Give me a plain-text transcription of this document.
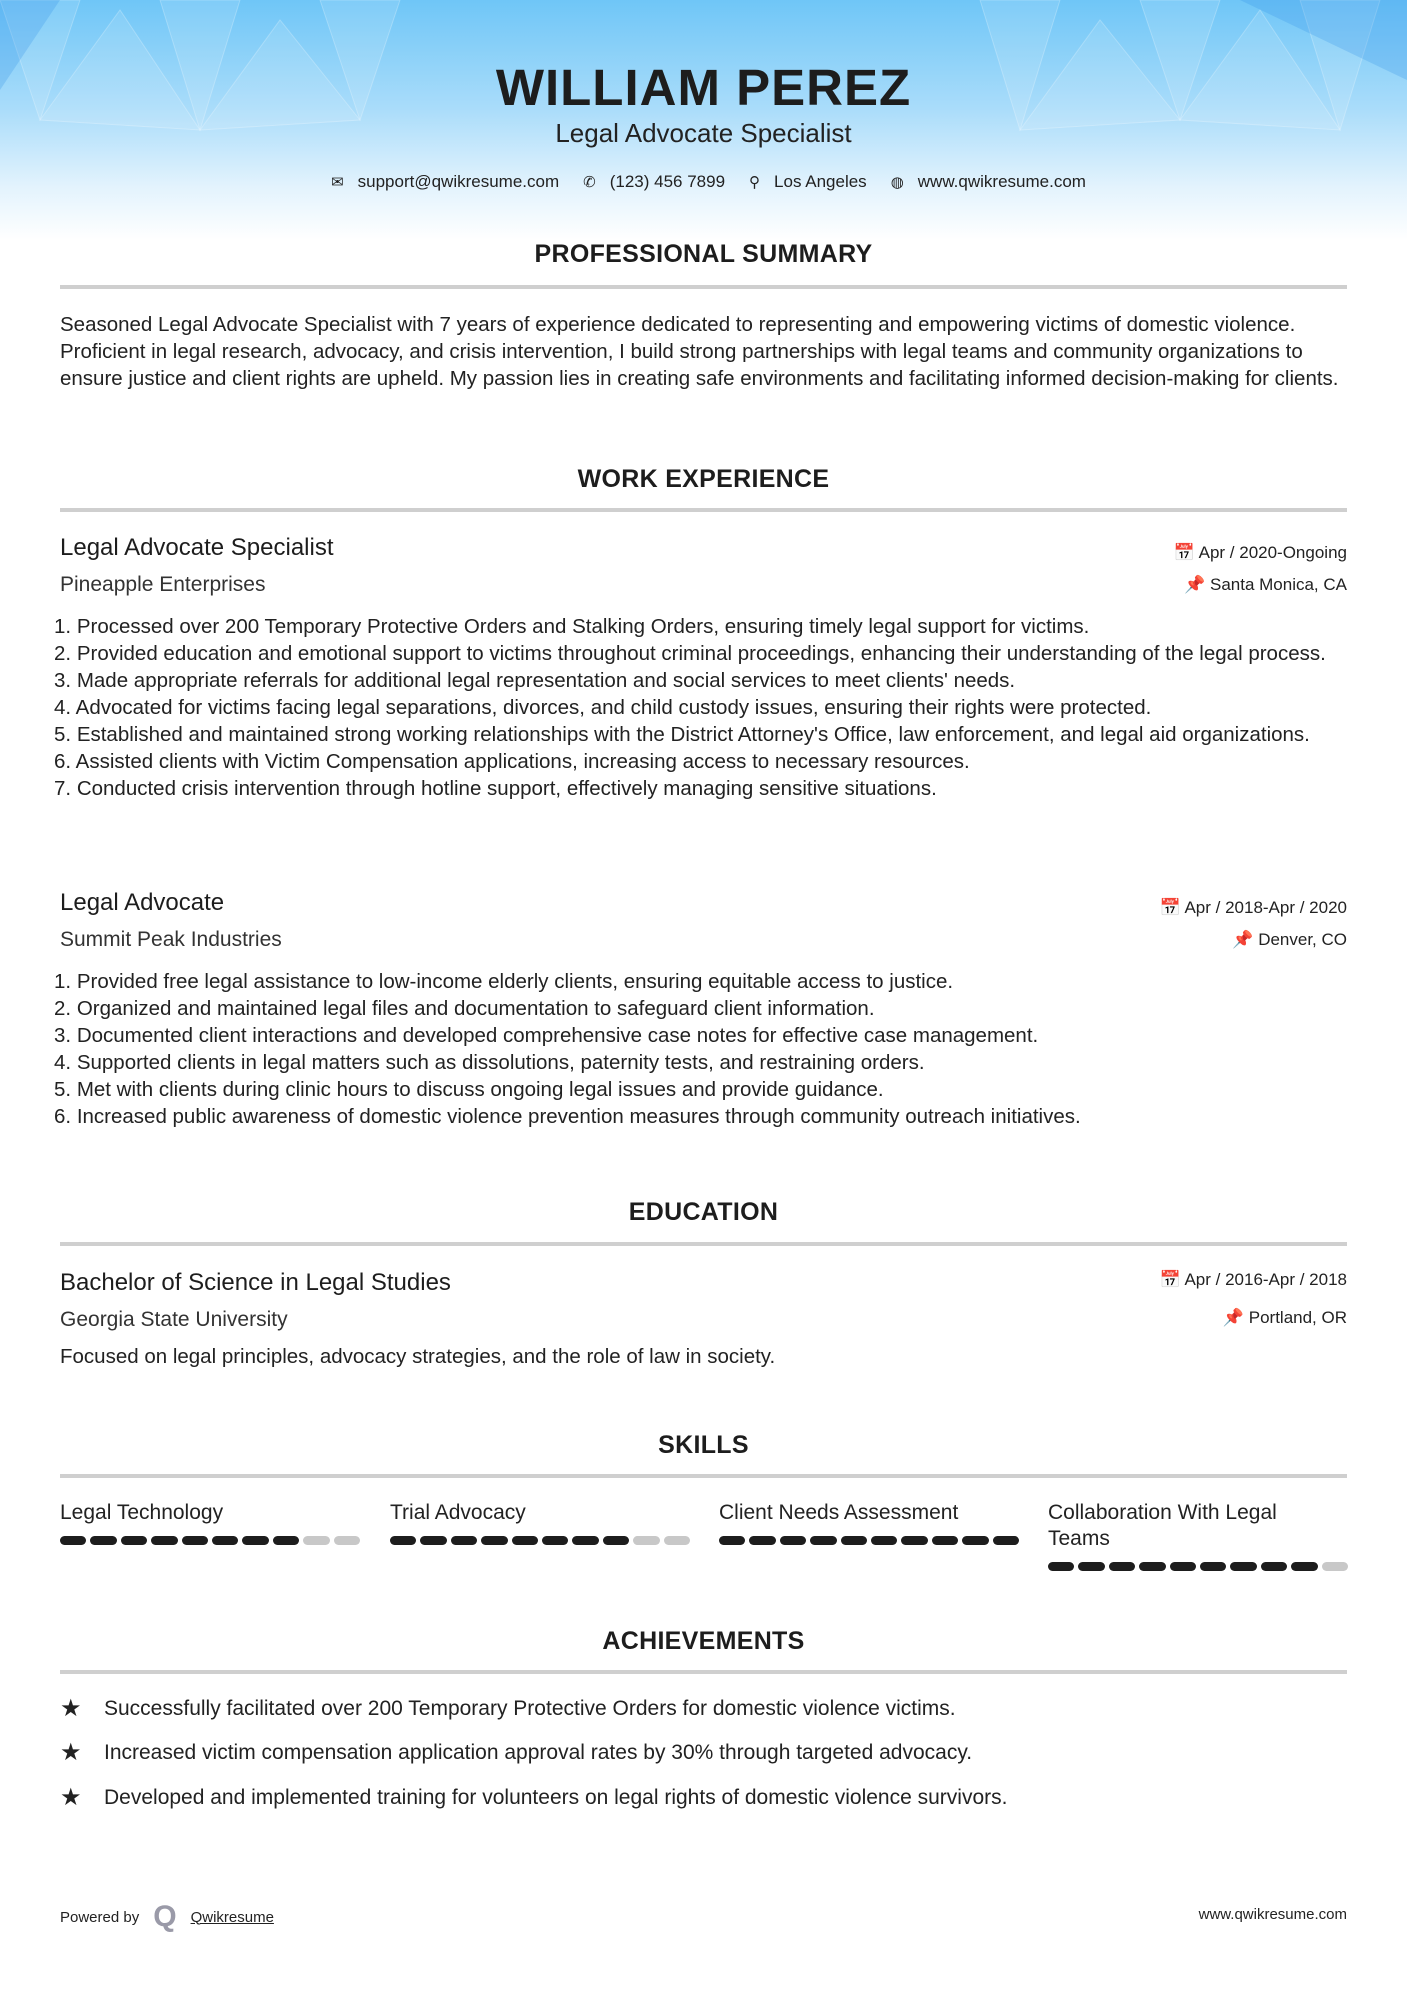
WILLIAM PEREZ
Legal Advocate Specialist
✉ support@qwikresume.com ✆ (123) 456 7899 ⚲ Los Angeles ◍ www.qwikresume.com
PROFESSIONAL SUMMARY
Seasoned Legal Advocate Specialist with 7 years of experience dedicated to representing and empowering victims of domestic violence. Proficient in legal research, advocacy, and crisis intervention, I build strong partnerships with legal teams and community organizations to ensure justice and client rights are upheld. My passion lies in creating safe environments and facilitating informed decision-making for clients.
WORK EXPERIENCE
Legal Advocate Specialist	📅 Apr / 2020-Ongoing
Pineapple Enterprises	📌 Santa Monica, CA
Processed over 200 Temporary Protective Orders and Stalking Orders, ensuring timely legal support for victims.
Provided education and emotional support to victims throughout criminal proceedings, enhancing their understanding of the legal process.
Made appropriate referrals for additional legal representation and social services to meet clients' needs.
Advocated for victims facing legal separations, divorces, and child custody issues, ensuring their rights were protected.
Established and maintained strong working relationships with the District Attorney's Office, law enforcement, and legal aid organizations.
Assisted clients with Victim Compensation applications, increasing access to necessary resources.
Conducted crisis intervention through hotline support, effectively managing sensitive situations.
Legal Advocate	📅 Apr / 2018-Apr / 2020
Summit Peak Industries	📌 Denver, CO
Provided free legal assistance to low-income elderly clients, ensuring equitable access to justice.
Organized and maintained legal files and documentation to safeguard client information.
Documented client interactions and developed comprehensive case notes for effective case management.
Supported clients in legal matters such as dissolutions, paternity tests, and restraining orders.
Met with clients during clinic hours to discuss ongoing legal issues and provide guidance.
Increased public awareness of domestic violence prevention measures through community outreach initiatives.
EDUCATION
Bachelor of Science in Legal Studies	📅 Apr / 2016-Apr / 2018
Georgia State University	📌 Portland, OR
Focused on legal principles, advocacy strategies, and the role of law in society.
SKILLS
Legal Technology	Trial Advocacy	Client Needs Assessment	Collaboration With Legal Teams
ACHIEVEMENTS
★	Successfully facilitated over 200 Temporary Protective Orders for domestic violence victims.
★	Increased victim compensation application approval rates by 30% through targeted advocacy.
★	Developed and implemented training for volunteers on legal rights of domestic violence survivors.
Powered by Q Qwikresume	www.qwikresume.com
